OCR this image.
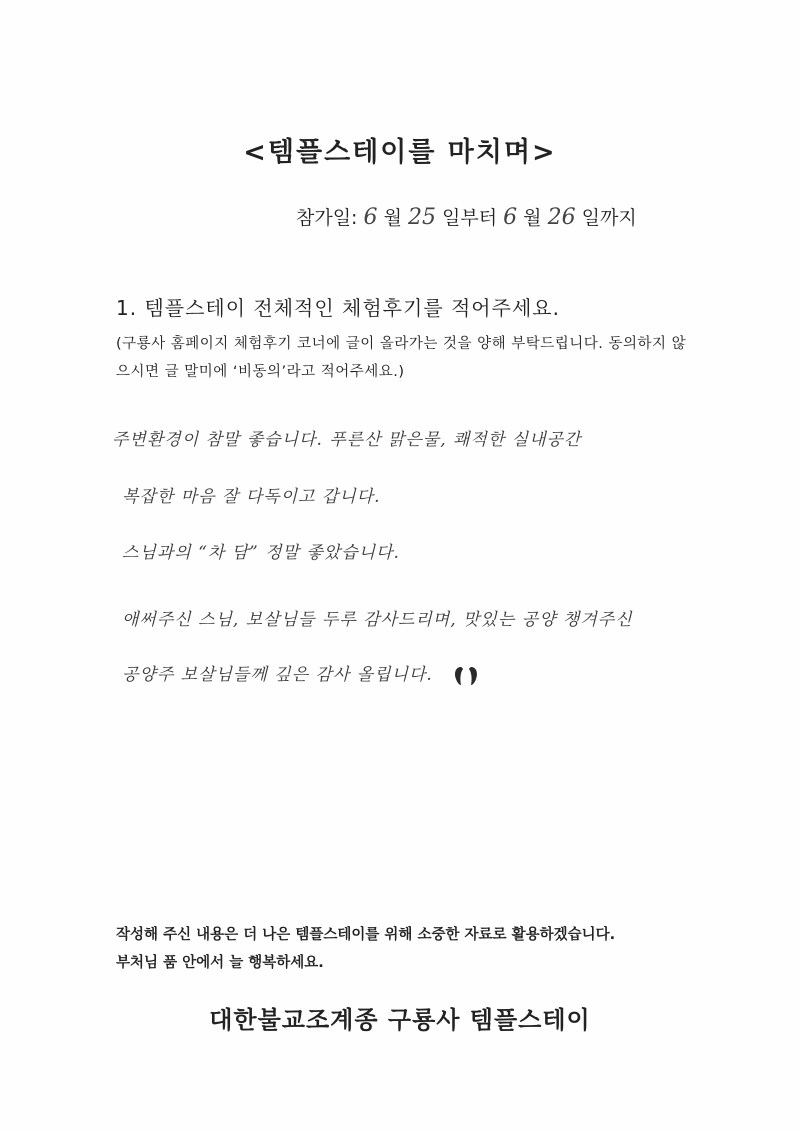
<템플스테이를 마치며>
참가일: 6 월 25 일부터 6 월 26 일까지
1. 템플스테이 전체적인 체험후기를 적어주세요.
(구룡사 홈페이지 체험후기 코너에 글이 올라가는 것을 양해 부탁드립니다. 동의하지 않으시면 글 말미에 ‘비동의’라고 적어주세요.)
주변환경이 참말 좋습니다. 푸른산 맑은물, 쾌적한 실내공간
복잡한 마음 잘 다독이고 갑니다.
스님과의 “차 담” 정말 좋았습니다.
애써주신 스님, 보살님들 두루 감사드리며, 맛있는 공양 챙겨주신
공양주 보살님들께 깊은 감사 올립니다.
작성해 주신 내용은 더 나은 템플스테이를 위해 소중한 자료로 활용하겠습니다.
부처님 품 안에서 늘 행복하세요.
대한불교조계종 구룡사 템플스테이
